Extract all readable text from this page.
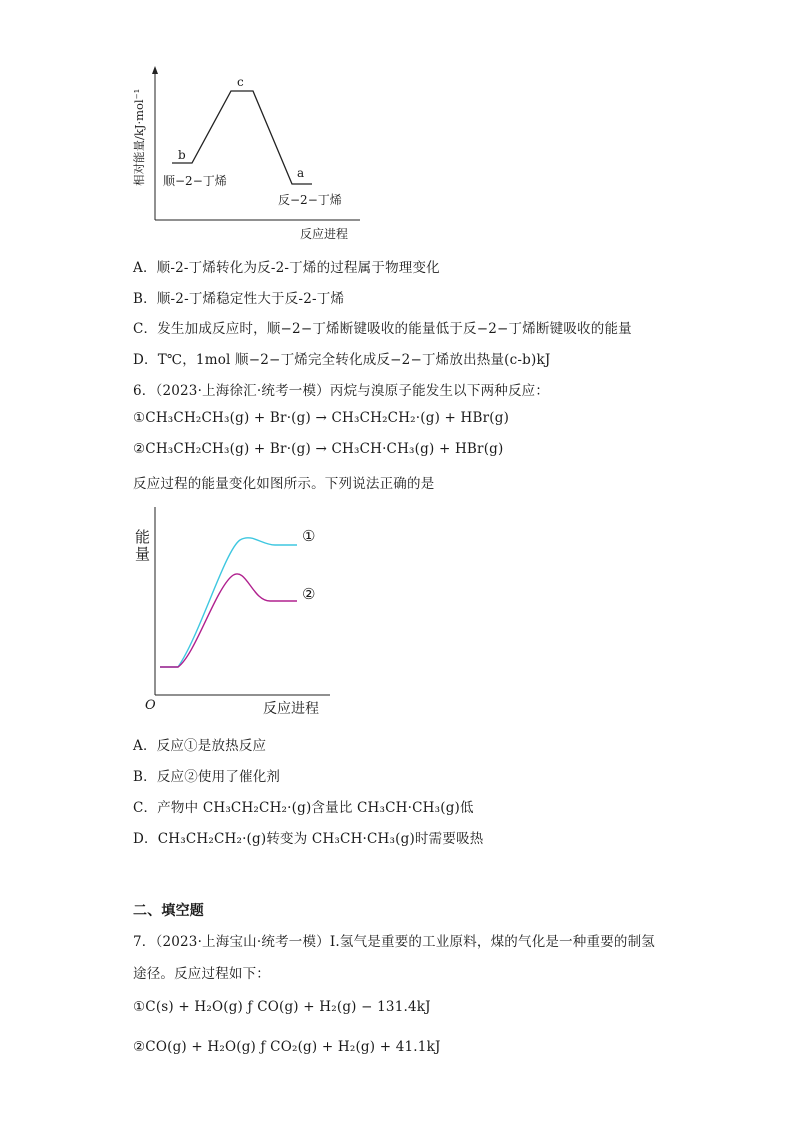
b
c
a
顺−2−丁烯
反−2−丁烯
反应进程
相对能量/kJ·mol⁻¹
A．顺-2-丁烯转化为反-2-丁烯的过程属于物理变化
B．顺-2-丁烯稳定性大于反-2-丁烯
C．发生加成反应时，顺−2−丁烯断键吸收的能量低于反−2−丁烯断键吸收的能量
D．T℃，1mol 顺−2−丁烯完全转化成反−2−丁烯放出热量(c-b)kJ
6．（2023·上海徐汇·统考一模）丙烷与溴原子能发生以下两种反应：
①CH₃CH₂CH₃(g) + Br·(g) → CH₃CH₂CH₂·(g) + HBr(g)
②CH₃CH₂CH₃(g) + Br·(g) → CH₃CH·CH₃(g) + HBr(g)
反应过程的能量变化如图所示。下列说法正确的是
能
量
O	反应进程
①
②
A．反应①是放热反应
B．反应②使用了催化剂
C．产物中 CH₃CH₂CH₂·(g)含量比 CH₃CH·CH₃(g)低
D．CH₃CH₂CH₂·(g)转变为 CH₃CH·CH₃(g)时需要吸热
二、填空题
7．（2023·上海宝山·统考一模）Ⅰ.氢气是重要的工业原料，煤的气化是一种重要的制氢
途径。反应过程如下：
①C(s) + H₂O(g) ƒ CO(g) + H₂(g) − 131.4kJ
②CO(g) + H₂O(g) ƒ CO₂(g) + H₂(g) + 41.1kJ
